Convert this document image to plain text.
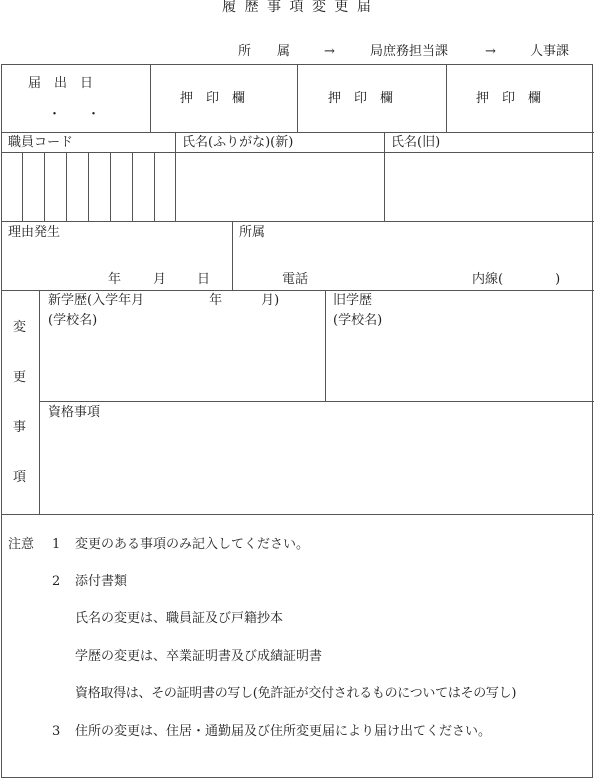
履 歴 事 項 変 更 届
所　　属	→	局庶務担当課	→	人事課
届　出　日
・　　・
押　印　欄	押　印　欄	押　印　欄
職員コード	氏名(ふりがな)(新)	氏名(旧)
理由発生
年 月 日
所属
電話	内線(　　　　)
変
更
事
項
新学歴(入学年月　　　　　年　　　月)
(学校名)
旧学歴
(学校名)
資格事項
注意 1 変更のある事項のみ記入してください。
2 添付書類
氏名の変更は、職員証及び戸籍抄本
学歴の変更は、卒業証明書及び成績証明書
資格取得は、その証明書の写し(免許証が交付されるものについてはその写し)
3 住所の変更は、住居・通勤届及び住所変更届により届け出てください。
